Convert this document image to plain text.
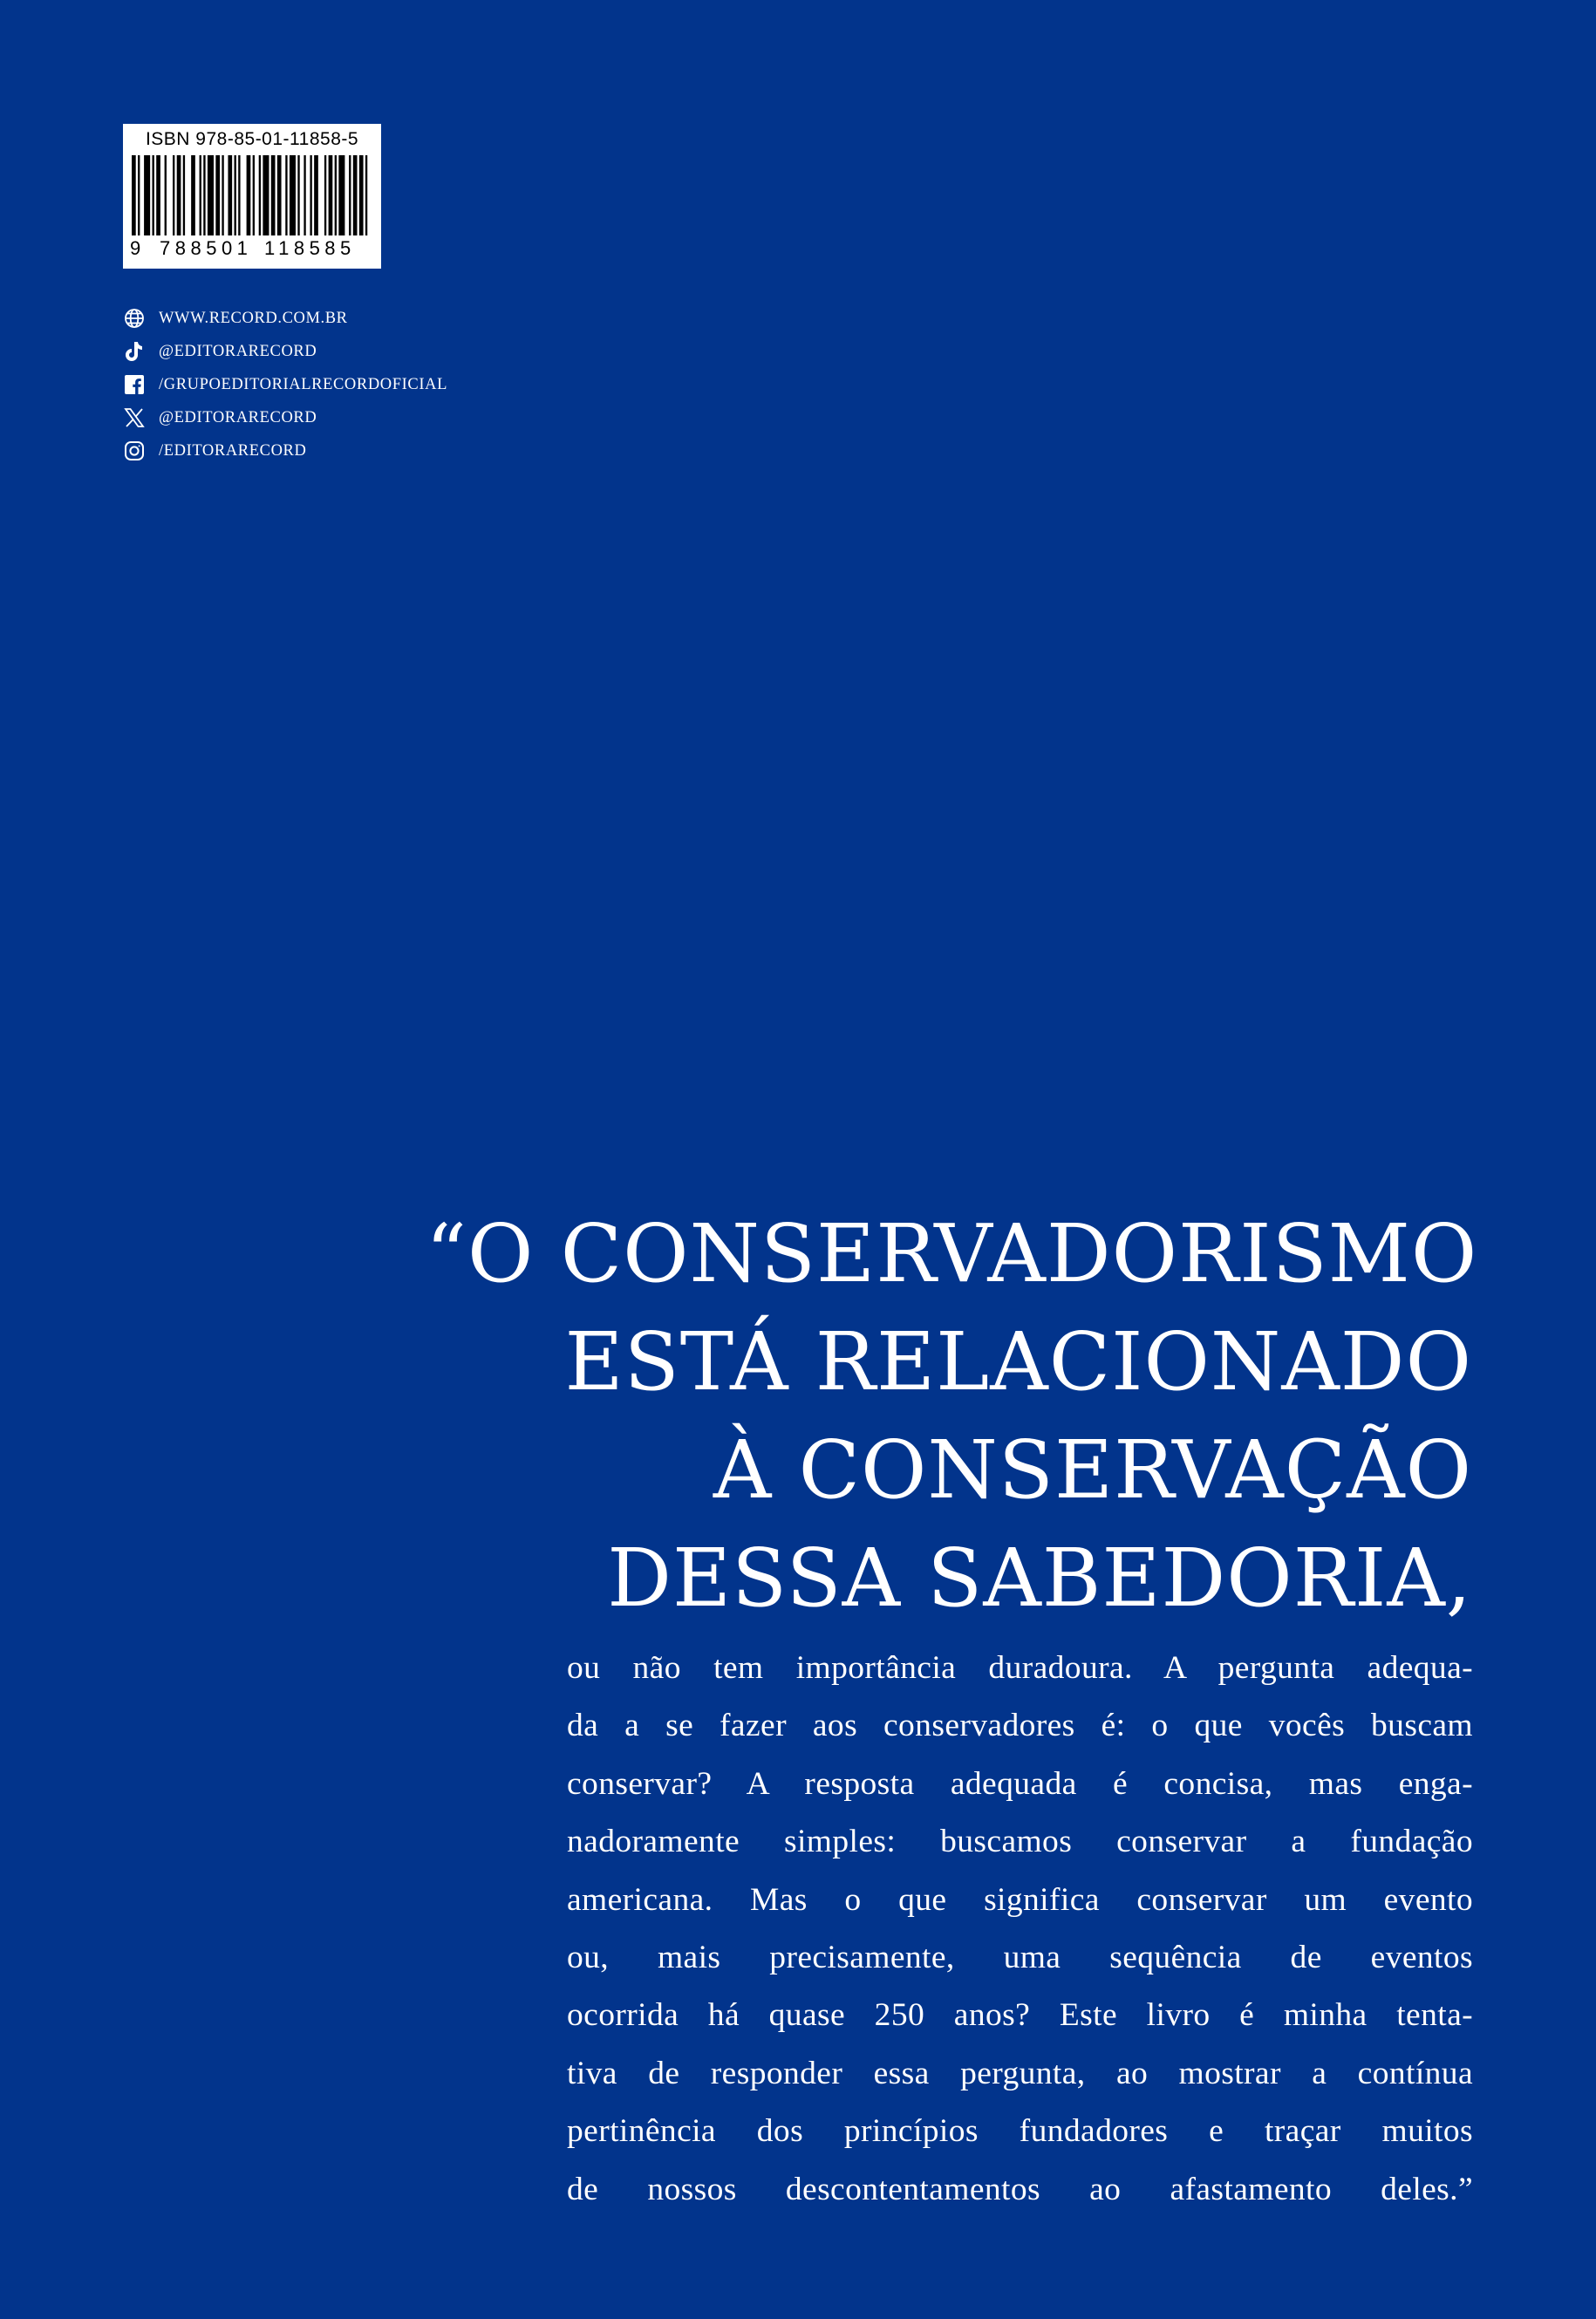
ISBN 978-85-01-11858-5
9 788501 118585
WWW.RECORD.COM.BR
@EDITORARECORD
/GRUPOEDITORIALRECORDOFICIAL
@EDITORARECORD
/EDITORARECORD
“O CONSERVADORISMO
ESTÁ RELACIONADO
À CONSERVAÇÃO
DESSA SABEDORIA,

ou não tem importância duradoura. A pergunta adequa-
da a se fazer aos conservadores é: o que vocês buscam
conservar? A resposta adequada é concisa, mas enga-
nadoramente simples: buscamos conservar a fundação
americana. Mas o que significa conservar um evento
ou, mais precisamente, uma sequência de eventos
ocorrida há quase 250 anos? Este livro é minha tenta-
tiva de responder essa pergunta, ao mostrar a contínua
pertinência dos princípios fundadores e traçar muitos
de nossos descontentamentos ao afastamento deles.”
